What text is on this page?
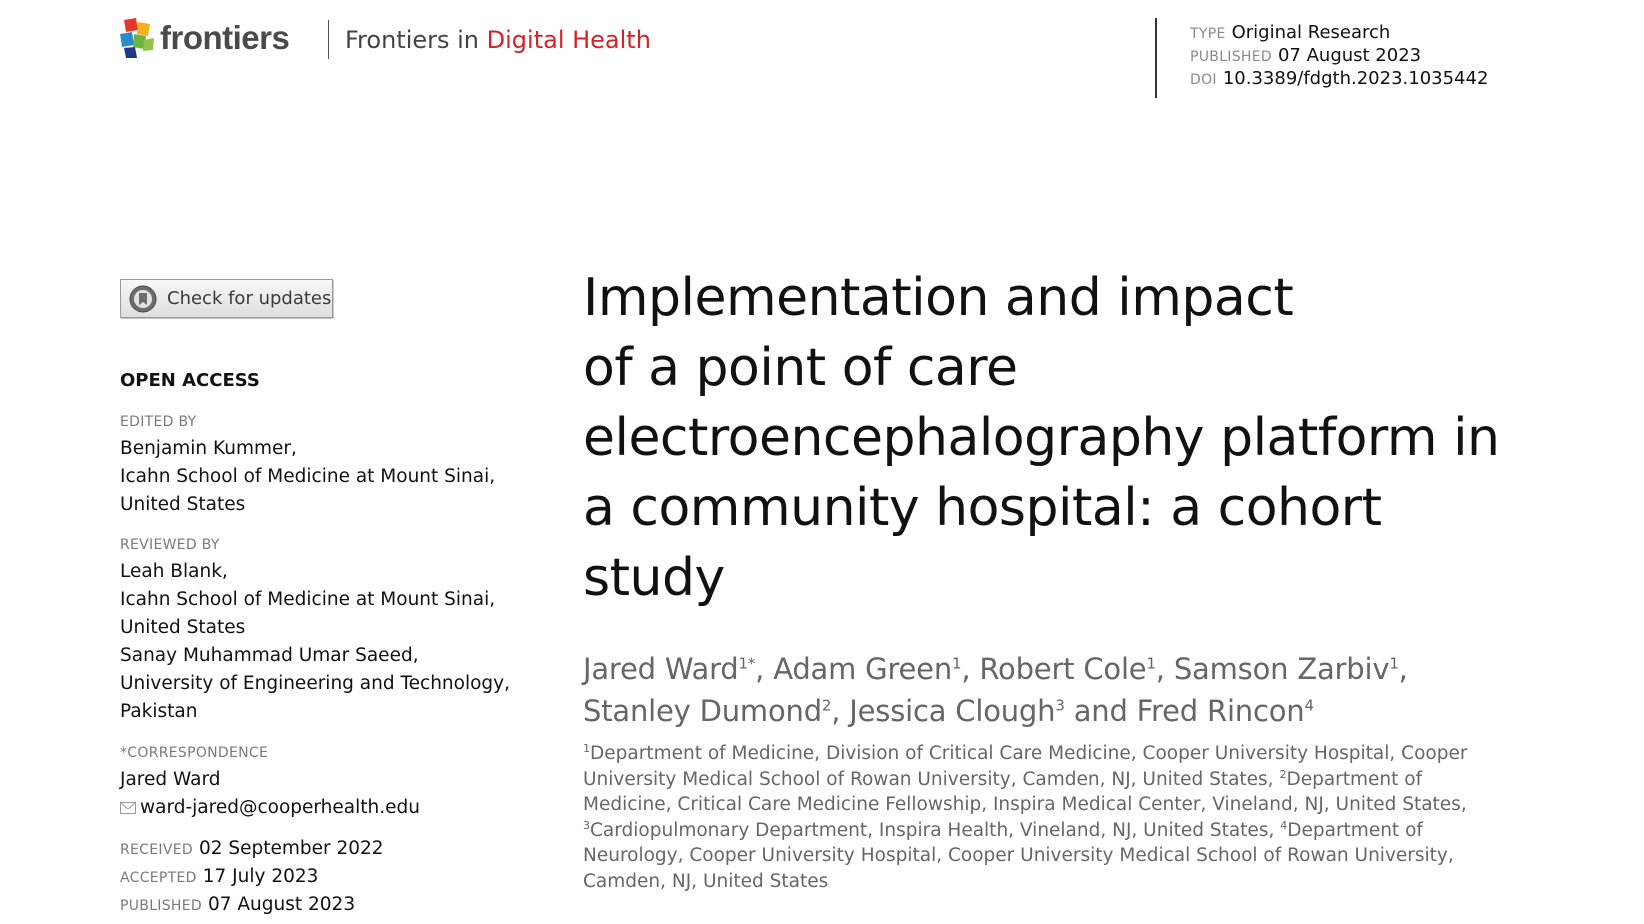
frontiers Frontiers in Digital Health	TYPE Original Research
PUBLISHED 07 August 2023
DOI 10.3389/fdgth.2023.1035442
Check for updates
OPEN ACCESS
EDITED BY
Benjamin Kummer,
Icahn School of Medicine at Mount Sinai,
United States
REVIEWED BY
Leah Blank,
Icahn School of Medicine at Mount Sinai,
United States
Sanay Muhammad Umar Saeed,
University of Engineering and Technology,
Pakistan
*CORRESPONDENCE
Jared Ward
ward-jared@cooperhealth.edu
RECEIVED 02 September 2022
ACCEPTED 17 July 2023
PUBLISHED 07 August 2023
Implementation and impact
of a point of care
electroencephalography platform in
a community hospital: a cohort
study
Jared Ward$^{1*}$, Adam Green$^1$, Robert Cole$^1$, Samson Zarbiv$^1$,
Stanley Dumond$^2$, Jessica Clough$^3$ and Fred Rincon$^4$
$^1$Department of Medicine, Division of Critical Care Medicine, Cooper University Hospital, Cooper University Medical School of Rowan University, Camden, NJ, United States, $^2$Department of Medicine, Critical Care Medicine Fellowship, Inspira Medical Center, Vineland, NJ, United States, $^3$Cardiopulmonary Department, Inspira Health, Vineland, NJ, United States, $^4$Department of Neurology, Cooper University Hospital, Cooper University Medical School of Rowan University, Camden, NJ, United States
